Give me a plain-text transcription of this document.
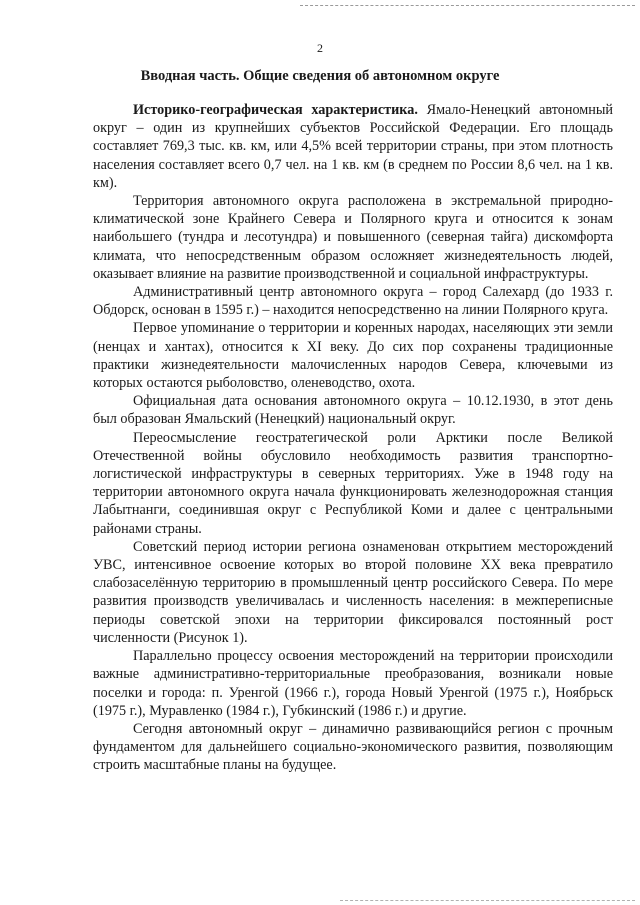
2
Вводная часть. Общие сведения об автономном округе

Историко-географическая характеристика. Ямало-Ненецкий автономный округ – один из крупнейших субъектов Российской Федерации. Его площадь составляет 769,3 тыс. кв. км, или 4,5% всей территории страны, при этом плотность населения составляет всего 0,7 чел. на 1 кв. км (в среднем по России 8,6 чел. на 1 кв. км).

Территория автономного округа расположена в экстремальной природно-климатической зоне Крайнего Севера и Полярного круга и относится к зонам наибольшего (тундра и лесотундра) и повышенного (северная тайга) дискомфорта климата, что непосредственным образом осложняет жизнедеятельность людей, оказывает влияние на развитие производственной и социальной инфраструктуры.

Административный центр автономного округа – город Салехард (до 1933 г. Обдорск, основан в 1595 г.) – находится непосредственно на линии Полярного круга.

Первое упоминание о территории и коренных народах, населяющих эти земли (ненцах и хантах), относится к XI веку. До сих пор сохранены традиционные практики жизнедеятельности малочисленных народов Севера, ключевыми из которых остаются рыболовство, оленеводство, охота.

Официальная дата основания автономного округа – 10.12.1930, в этот день был образован Ямальский (Ненецкий) национальный округ.

Переосмысление геостратегической роли Арктики после Великой Отечественной войны обусловило необходимость развития транспортно-логистической инфраструктуры в северных территориях. Уже в 1948 году на территории автономного округа начала функционировать железнодорожная станция Лабытнанги, соединившая округ с Республикой Коми и далее с центральными районами страны.

Советский период истории региона ознаменован открытием месторождений УВС, интенсивное освоение которых во второй половине XX века превратило слабозаселённую территорию в промышленный центр российского Севера. По мере развития производств увеличивалась и численность населения: в межпереписные периоды советской эпохи на территории фиксировался постоянный рост численности (Рисунок 1).

Параллельно процессу освоения месторождений на территории происходили важные административно-территориальные преобразования, возникали новые поселки и города: п. Уренгой (1966 г.), города Новый Уренгой (1975 г.), Ноябрьск (1975 г.), Муравленко (1984 г.), Губкинский (1986 г.) и другие.

Сегодня автономный округ – динамично развивающийся регион с прочным фундаментом для дальнейшего социально-экономического развития, позволяющим строить масштабные планы на будущее.
